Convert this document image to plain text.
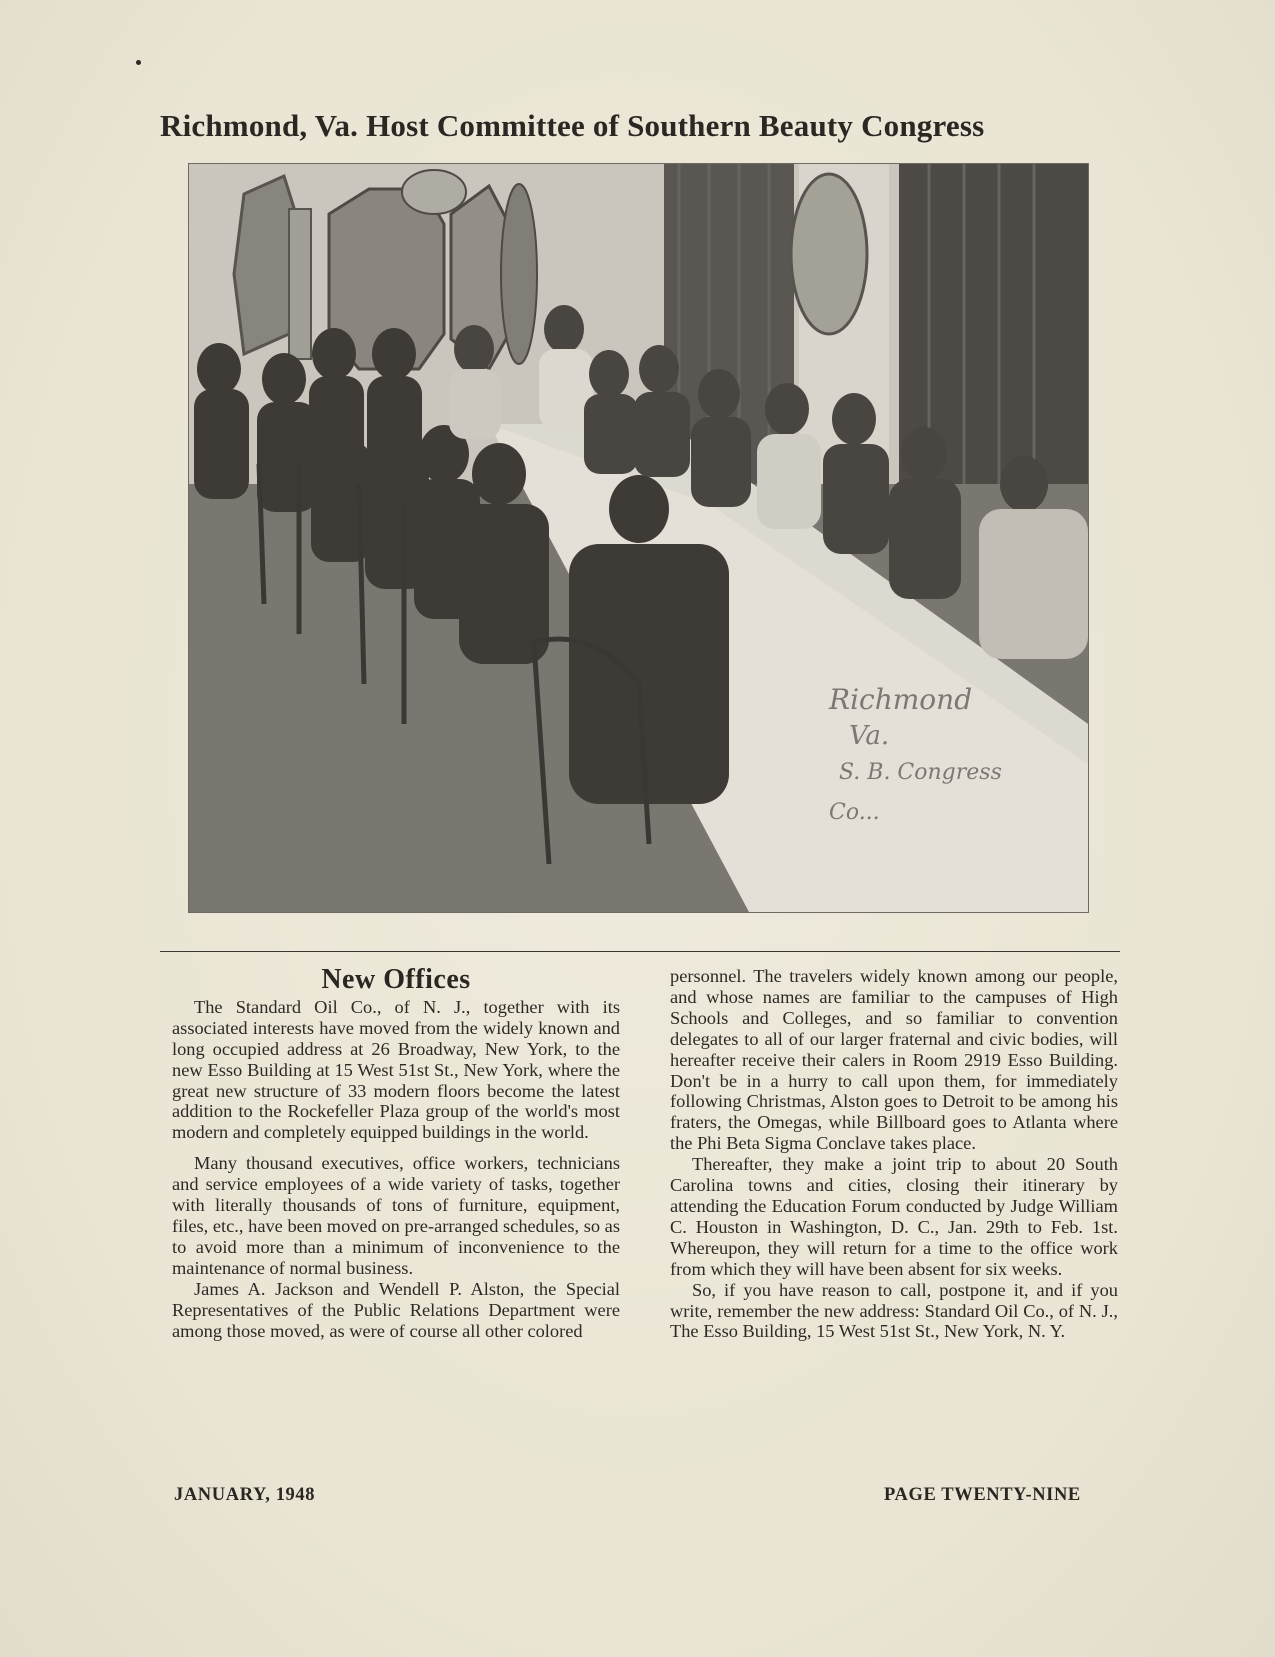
Richmond, Va. Host Committee of Southern Beauty Congress
Richmond
Va.
S. B. Congress
Co...
New Offices

The Standard Oil Co., of N. J., together with its associated interests have moved from the widely known and long occupied address at 26 Broadway, New York, to the new Esso Building at 15 West 51st St., New York, where the great new structure of 33 modern floors become the latest addition to the Rockefeller Plaza group of the world's most modern and completely equipped buildings in the world.

Many thousand executives, office workers, technicians and service employees of a wide variety of tasks, together with literally thousands of tons of furniture, equipment, files, etc., have been moved on pre-arranged schedules, so as to avoid more than a minimum of inconvenience to the maintenance of normal business.

James A. Jackson and Wendell P. Alston, the Special Representatives of the Public Relations Department were among those moved, as were of course all other colored

personnel. The travelers widely known among our people, and whose names are familiar to the campuses of High Schools and Colleges, and so familiar to convention delegates to all of our larger fraternal and civic bodies, will hereafter receive their calers in Room 2919 Esso Building. Don't be in a hurry to call upon them, for immediately following Christmas, Alston goes to Detroit to be among his fraters, the Omegas, while Billboard goes to Atlanta where the Phi Beta Sigma Conclave takes place.

Thereafter, they make a joint trip to about 20 South Carolina towns and cities, closing their itinerary by attending the Education Forum conducted by Judge William C. Houston in Washington, D. C., Jan. 29th to Feb. 1st. Whereupon, they will return for a time to the office work from which they will have been absent for six weeks.

So, if you have reason to call, postpone it, and if you write, remember the new address: Standard Oil Co., of N. J., The Esso Building, 15 West 51st St., New York, N. Y.

JANUARY, 1948	PAGE TWENTY-NINE
